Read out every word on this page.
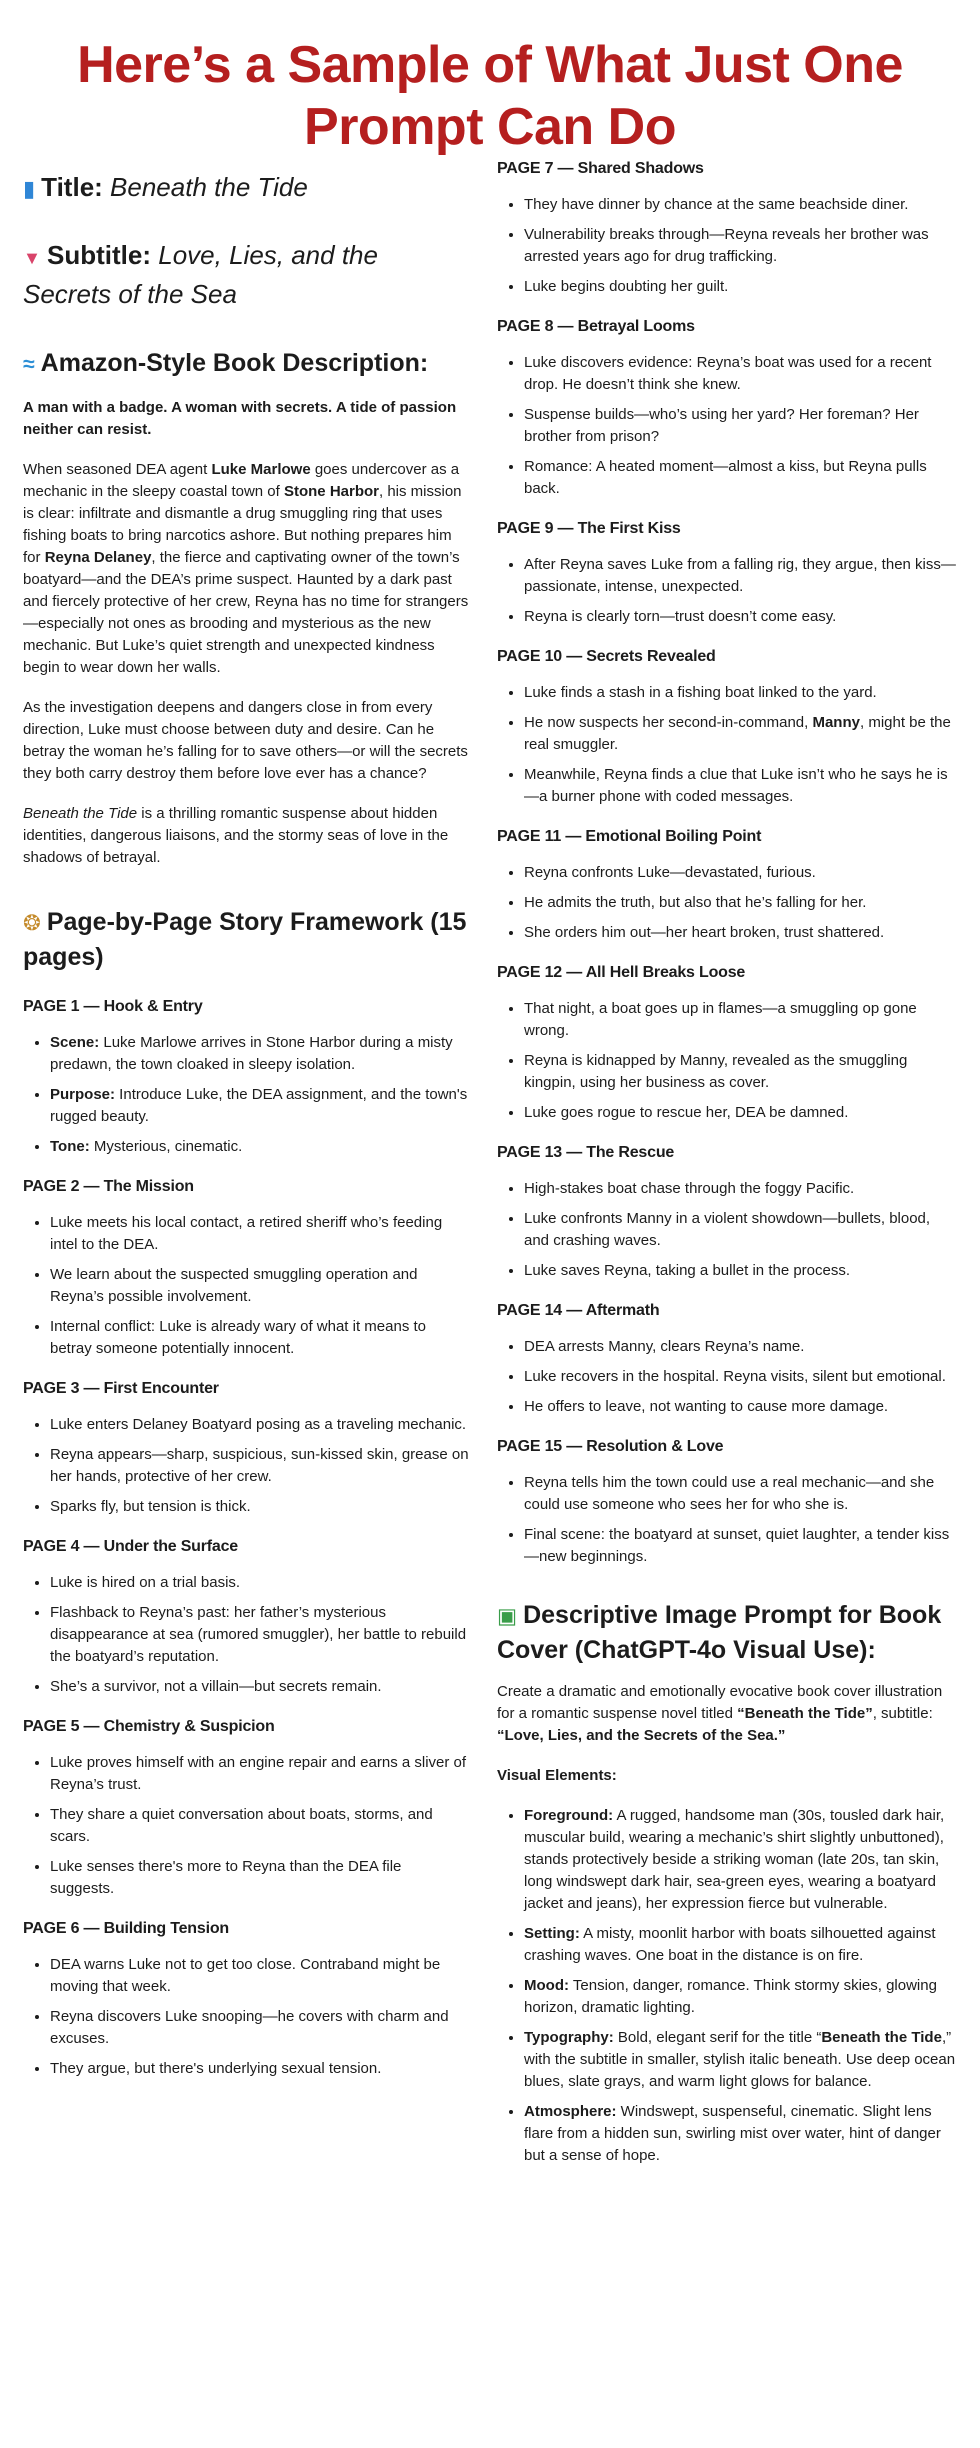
Here’s a Sample of What Just One
Prompt Can Do
▮ Title: Beneath the Tide
▼ Subtitle: Love, Lies, and the Secrets of the Sea
≈ Amazon-Style Book Description:

A man with a badge. A woman with secrets. A tide of passion neither can resist.

When seasoned DEA agent Luke Marlowe goes undercover as a mechanic in the sleepy coastal town of Stone Harbor, his mission is clear: infiltrate and dismantle a drug smuggling ring that uses fishing boats to bring narcotics ashore. But nothing prepares him for Reyna Delaney, the fierce and captivating owner of the town’s boatyard—and the DEA’s prime suspect. Haunted by a dark past and fiercely protective of her crew, Reyna has no time for strangers—especially not ones as brooding and mysterious as the new mechanic. But Luke’s quiet strength and unexpected kindness begin to wear down her walls.

As the investigation deepens and dangers close in from every direction, Luke must choose between duty and desire. Can he betray the woman he’s falling for to save others—or will the secrets they both carry destroy them before love ever has a chance?

Beneath the Tide is a thrilling romantic suspense about hidden identities, dangerous liaisons, and the stormy seas of love in the shadows of betrayal.

❂ Page-by-Page Story Framework (15 pages)
PAGE 1 — Hook & Entry
• Scene: Luke Marlowe arrives in Stone Harbor during a misty predawn, the town cloaked in sleepy isolation.
• Purpose: Introduce Luke, the DEA assignment, and the town's rugged beauty.
• Tone: Mysterious, cinematic.
PAGE 2 — The Mission
• Luke meets his local contact, a retired sheriff who’s feeding intel to the DEA.
• We learn about the suspected smuggling operation and Reyna’s possible involvement.
• Internal conflict: Luke is already wary of what it means to betray someone potentially innocent.
PAGE 3 — First Encounter
• Luke enters Delaney Boatyard posing as a traveling mechanic.
• Reyna appears—sharp, suspicious, sun-kissed skin, grease on her hands, protective of her crew.
• Sparks fly, but tension is thick.
PAGE 4 — Under the Surface
• Luke is hired on a trial basis.
• Flashback to Reyna’s past: her father’s mysterious disappearance at sea (rumored smuggler), her battle to rebuild the boatyard’s reputation.
• She’s a survivor, not a villain—but secrets remain.
PAGE 5 — Chemistry & Suspicion
• Luke proves himself with an engine repair and earns a sliver of Reyna’s trust.
• They share a quiet conversation about boats, storms, and scars.
• Luke senses there's more to Reyna than the DEA file suggests.
PAGE 6 — Building Tension
• DEA warns Luke not to get too close. Contraband might be moving that week.
• Reyna discovers Luke snooping—he covers with charm and excuses.
• They argue, but there's underlying sexual tension.
PAGE 7 — Shared Shadows
• They have dinner by chance at the same beachside diner.
• Vulnerability breaks through—Reyna reveals her brother was arrested years ago for drug trafficking.
• Luke begins doubting her guilt.
PAGE 8 — Betrayal Looms
• Luke discovers evidence: Reyna’s boat was used for a recent drop. He doesn’t think she knew.
• Suspense builds—who’s using her yard? Her foreman? Her brother from prison?
• Romance: A heated moment—almost a kiss, but Reyna pulls back.
PAGE 9 — The First Kiss
• After Reyna saves Luke from a falling rig, they argue, then kiss—passionate, intense, unexpected.
• Reyna is clearly torn—trust doesn’t come easy.
PAGE 10 — Secrets Revealed
• Luke finds a stash in a fishing boat linked to the yard.
• He now suspects her second-in-command, Manny, might be the real smuggler.
• Meanwhile, Reyna finds a clue that Luke isn’t who he says he is—a burner phone with coded messages.
PAGE 11 — Emotional Boiling Point
• Reyna confronts Luke—devastated, furious.
• He admits the truth, but also that he’s falling for her.
• She orders him out—her heart broken, trust shattered.
PAGE 12 — All Hell Breaks Loose
• That night, a boat goes up in flames—a smuggling op gone wrong.
• Reyna is kidnapped by Manny, revealed as the smuggling kingpin, using her business as cover.
• Luke goes rogue to rescue her, DEA be damned.
PAGE 13 — The Rescue
• High-stakes boat chase through the foggy Pacific.
• Luke confronts Manny in a violent showdown—bullets, blood, and crashing waves.
• Luke saves Reyna, taking a bullet in the process.
PAGE 14 — Aftermath
• DEA arrests Manny, clears Reyna’s name.
• Luke recovers in the hospital. Reyna visits, silent but emotional.
• He offers to leave, not wanting to cause more damage.
PAGE 15 — Resolution & Love
• Reyna tells him the town could use a real mechanic—and she could use someone who sees her for who she is.
• Final scene: the boatyard at sunset, quiet laughter, a tender kiss—new beginnings.
▣ Descriptive Image Prompt for Book Cover (ChatGPT-4o Visual Use):

Create a dramatic and emotionally evocative book cover illustration for a romantic suspense novel titled “Beneath the Tide”, subtitle: “Love, Lies, and the Secrets of the Sea.”

Visual Elements:

• Foreground: A rugged, handsome man (30s, tousled dark hair, muscular build, wearing a mechanic’s shirt slightly unbuttoned), stands protectively beside a striking woman (late 20s, tan skin, long windswept dark hair, sea-green eyes, wearing a boatyard jacket and jeans), her expression fierce but vulnerable.
• Setting: A misty, moonlit harbor with boats silhouetted against crashing waves. One boat in the distance is on fire.
• Mood: Tension, danger, romance. Think stormy skies, glowing horizon, dramatic lighting.
• Typography: Bold, elegant serif for the title “Beneath the Tide,” with the subtitle in smaller, stylish italic beneath. Use deep ocean blues, slate grays, and warm light glows for balance.
• Atmosphere: Windswept, suspenseful, cinematic. Slight lens flare from a hidden sun, swirling mist over water, hint of danger but a sense of hope.
